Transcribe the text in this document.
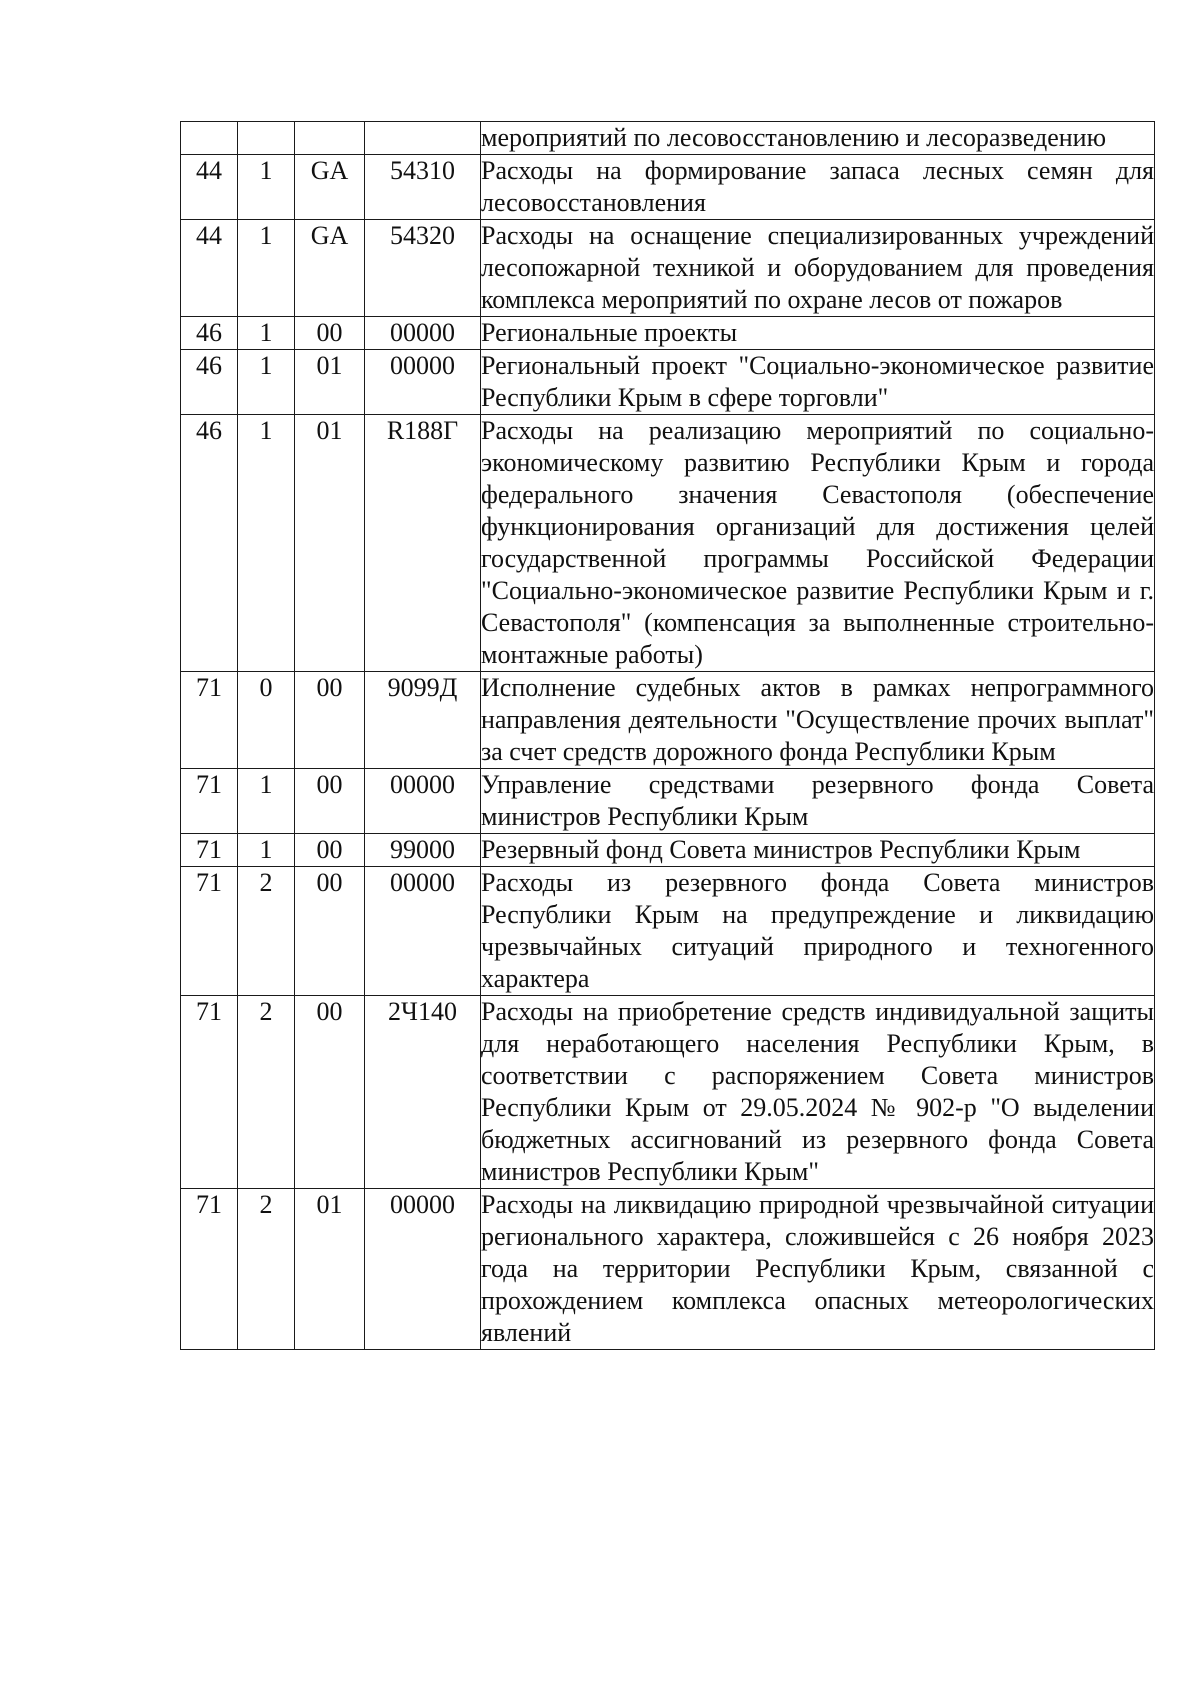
				мероприятий по лесовосстановлению и лесоразведению
44	1	GA	54310	Расходы на формирование запаса лесных семян для лесовосстановления
44	1	GA	54320	Расходы на оснащение специализированных учреждений лесопожарной техникой и оборудованием для проведения комплекса мероприятий по охране лесов от пожаров
46	1	00	00000	Региональные проекты
46	1	01	00000	Региональный проект "Социально-экономическое развитие Республики Крым в сфере торговли"
46	1	01	R188Г	Расходы на реализацию мероприятий по социально-экономическому развитию Республики Крым и города федерального значения Севастополя (обеспечение функционирования организаций для достижения целей государственной программы Российской Федерации "Социально-экономическое развитие Республики Крым и г. Севастополя" (компенсация за выполненные строительно-монтажные работы)
71	0	00	9099Д	Исполнение судебных актов в рамках непрограммного направления деятельности "Осуществление прочих выплат" за счет средств дорожного фонда Республики Крым
71	1	00	00000	Управление средствами резервного фонда Совета министров Республики Крым
71	1	00	99000	Резервный фонд Совета министров Республики Крым
71	2	00	00000	Расходы из резервного фонда Совета министров Республики Крым на предупреждение и ликвидацию чрезвычайных ситуаций природного и техногенного характера
71	2	00	2Ч140	Расходы на приобретение средств индивидуальной защиты для неработающего населения Республики Крым, в соответствии с распоряжением Совета министров Республики Крым от 29.05.2024 № 902-р "О выделении бюджетных ассигнований из резервного фонда Совета министров Республики Крым"
71	2	01	00000	Расходы на ликвидацию природной чрезвычайной ситуации регионального характера, сложившейся с 26 ноября 2023 года на территории Республики Крым, связанной с прохождением комплекса опасных метеорологических явлений
